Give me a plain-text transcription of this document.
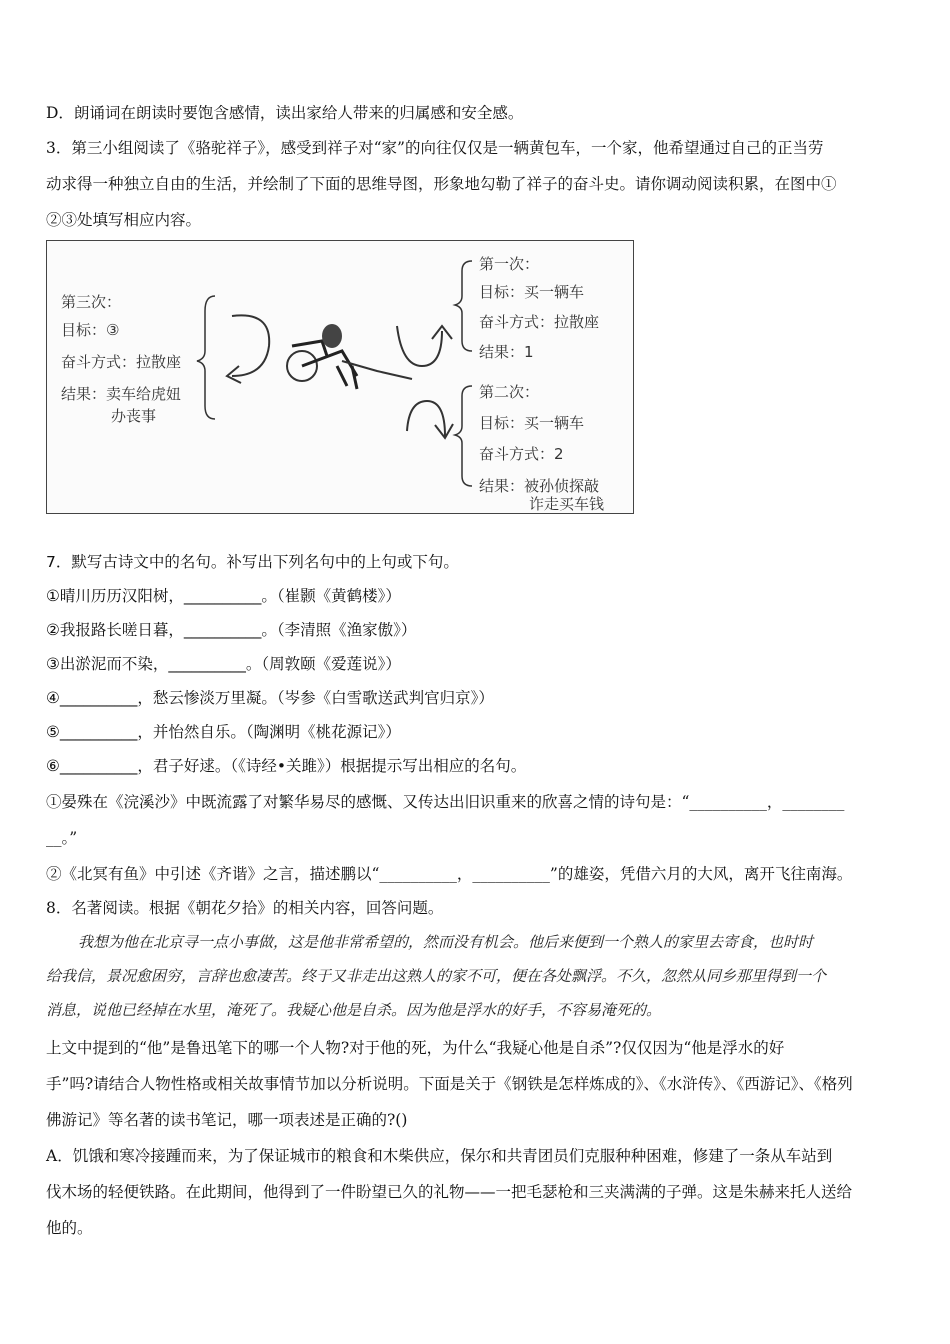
D．朗诵词在朗读时要饱含感情，读出家给人带来的归属感和安全感。
3．第三小组阅读了《骆驼祥子》，感受到祥子对“家”的向往仅仅是一辆黄包车，一个家，他希望通过自己的正当劳
动求得一种独立自由的生活，并绘制了下面的思维导图，形象地勾勒了祥子的奋斗史。请你调动阅读积累，在图中①
②③处填写相应内容。
第三次：
目标：③
奋斗方式：拉散座
结果：卖车给虎妞
办丧事
第一次：
目标：买一辆车
奋斗方式：拉散座
结果：1
第二次：
目标：买一辆车
奋斗方式：2
结果：被孙侦探敲
诈走买车钱
7．默写古诗文中的名句。补写出下列名句中的上句或下句。
①晴川历历汉阳树，__________。（崔颢《黄鹤楼》）
②我报路长嗟日暮，__________。（李清照《渔家傲》）
③出淤泥而不染，__________。（周敦颐《爱莲说》）
④__________，愁云惨淡万里凝。（岑参《白雪歌送武判官归京》）
⑤__________，并怡然自乐。（陶渊明《桃花源记》）
⑥__________，君子好逑。（《诗经•关雎》）根据提示写出相应的名句。
①晏殊在《浣溪沙》中既流露了对繁华易尽的感慨、又传达出旧识重来的欣喜之情的诗句是：“__________，________
__。”
②《北冥有鱼》中引述《齐谐》之言，描述鹏以“__________，__________”的雄姿，凭借六月的大风，离开飞往南海。
8．名著阅读。根据《朝花夕拾》的相关内容，回答问题。
我想为他在北京寻一点小事做，这是他非常希望的，然而没有机会。他后来便到一个熟人的家里去寄食，也时时
给我信，景况愈困穷，言辞也愈凄苦。终于又非走出这熟人的家不可，便在各处飘浮。不久，忽然从同乡那里得到一个
消息，说他已经掉在水里，淹死了。我疑心他是自杀。因为他是浮水的好手，不容易淹死的。
上文中提到的“他”是鲁迅笔下的哪一个人物?对于他的死，为什么“我疑心他是自杀”?仅仅因为“他是浮水的好
手”吗?请结合人物性格或相关故事情节加以分析说明。下面是关于《钢铁是怎样炼成的》、《水浒传》、《西游记》、《格列
佛游记》等名著的读书笔记，哪一项表述是正确的?()
A．饥饿和寒冷接踵而来，为了保证城市的粮食和木柴供应，保尔和共青团员们克服种种困难，修建了一条从车站到
伐木场的轻便铁路。在此期间，他得到了一件盼望已久的礼物——一把毛瑟枪和三夹满满的子弹。这是朱赫来托人送给
他的。
